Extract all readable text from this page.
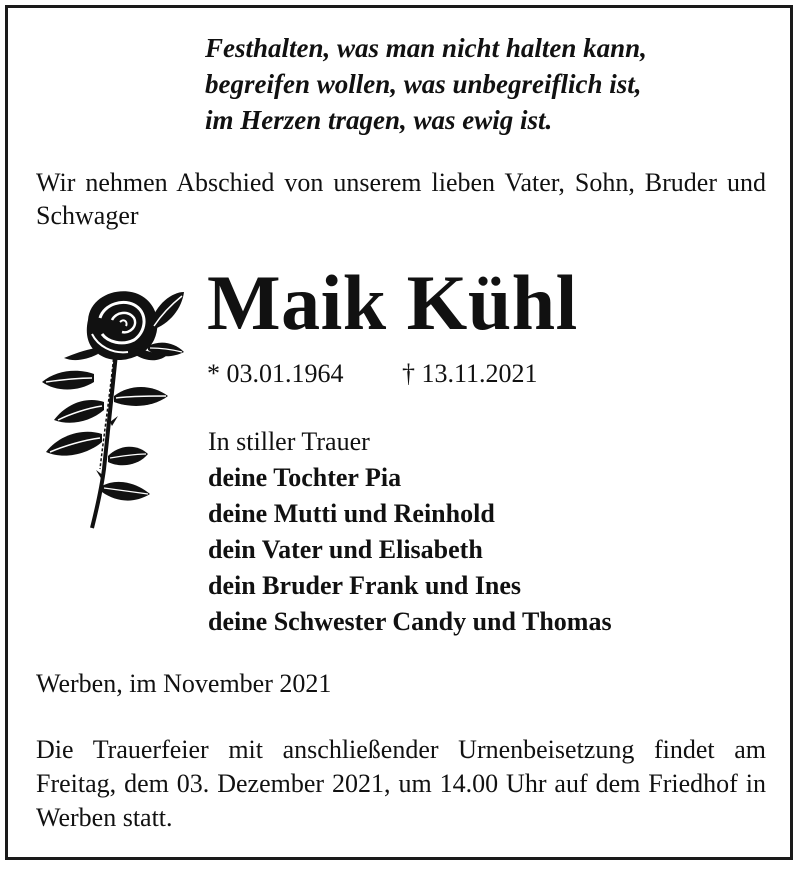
Festhalten, was man nicht halten kann,
begreifen wollen, was unbegreiflich ist,
im Herzen tragen, was ewig ist.
Wir nehmen Abschied von unserem lieben Vater, Sohn, Bruder und Schwager
Maik Kühl
* 03.01.1964 † 13.11.2021
In stiller Trauer
deine Tochter Pia
deine Mutti und Reinhold
dein Vater und Elisabeth
dein Bruder Frank und Ines
deine Schwester Candy und Thomas
Werben, im November 2021
Die Trauerfeier mit anschließender Urnenbeisetzung findet am Freitag, dem 03. Dezember 2021, um 14.00 Uhr auf dem Friedhof in Werben statt.
